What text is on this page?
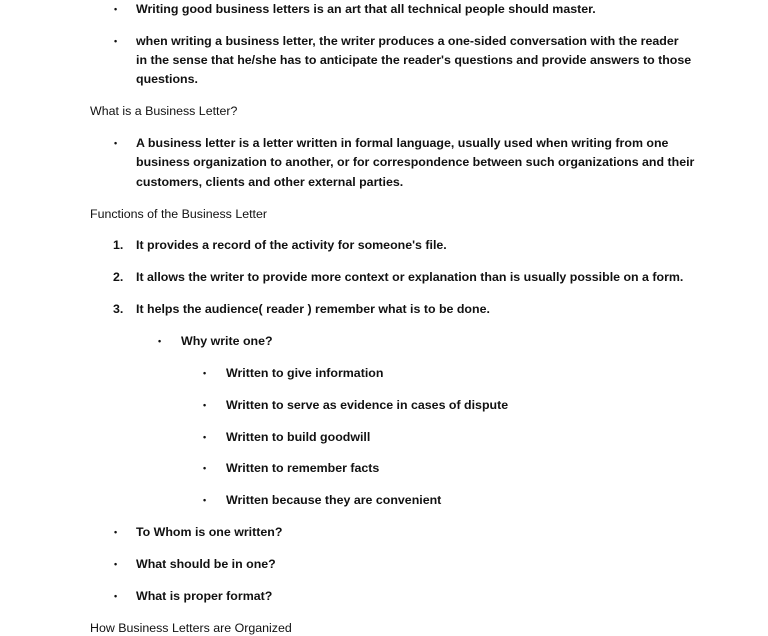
• Writing good business letters is an art that all technical people should master.
• when writing a business letter, the writer produces a one-sided conversation with the reader
in the sense that he/she has to anticipate the reader's questions and provide answers to those
questions.
What is a Business Letter?
• A business letter is a letter written in formal language, usually used when writing from one
business organization to another, or for correspondence between such organizations and their
customers, clients and other external parties.
Functions of the Business Letter
1. It provides a record of the activity for someone's file.
2. It allows the writer to provide more context or explanation than is usually possible on a form.
3. It helps the audience( reader ) remember what is to be done.
• Why write one?
• Written to give information
• Written to serve as evidence in cases of dispute
• Written to build goodwill
• Written to remember facts
• Written because they are convenient
• To Whom is one written?
• What should be in one?
• What is proper format?
How Business Letters are Organized
